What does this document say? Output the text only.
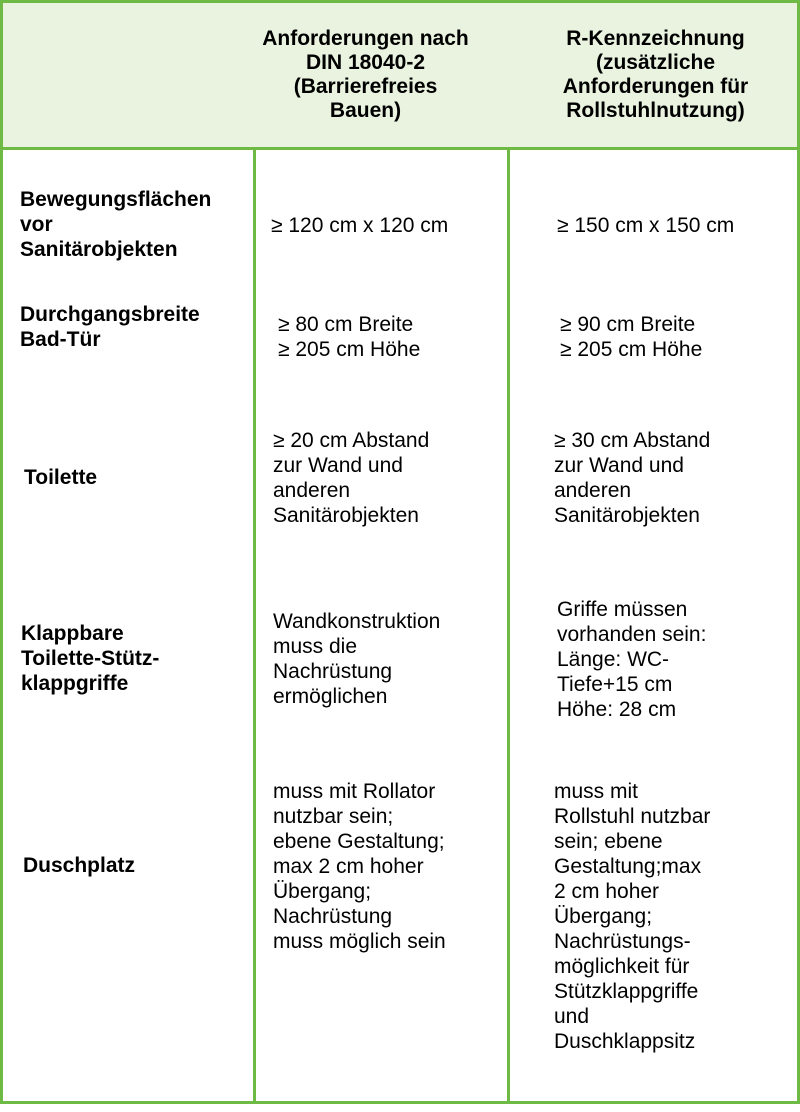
Anforderungen nach
DIN 18040-2
(Barrierefreies
Bauen)
R-Kennzeichnung
(zusätzliche
Anforderungen für
Rollstuhlnutzung)
Bewegungsflächen
vor
Sanitärobjekten
≥ 120 cm x 120 cm	≥ 150 cm x 150 cm
Durchgangsbreite
Bad-Tür
≥ 80 cm Breite
≥ 205 cm Höhe
≥ 90 cm Breite
≥ 205 cm Höhe
Toilette
≥ 20 cm Abstand
zur Wand und
anderen
Sanitärobjekten
≥ 30 cm Abstand
zur Wand und
anderen
Sanitärobjekten
Klappbare
Toilette-Stütz-
klappgriffe
Wandkonstruktion
muss die
Nachrüstung
ermöglichen
Griffe müssen
vorhanden sein:
Länge: WC-
Tiefe+15 cm
Höhe: 28 cm
Duschplatz
muss mit Rollator
nutzbar sein;
ebene Gestaltung;
max 2 cm hoher
Übergang;
Nachrüstung
muss möglich sein
muss mit
Rollstuhl nutzbar
sein; ebene
Gestaltung;max
2 cm hoher
Übergang;
Nachrüstungs-
möglichkeit für
Stützklappgriffe
und
Duschklappsitz
